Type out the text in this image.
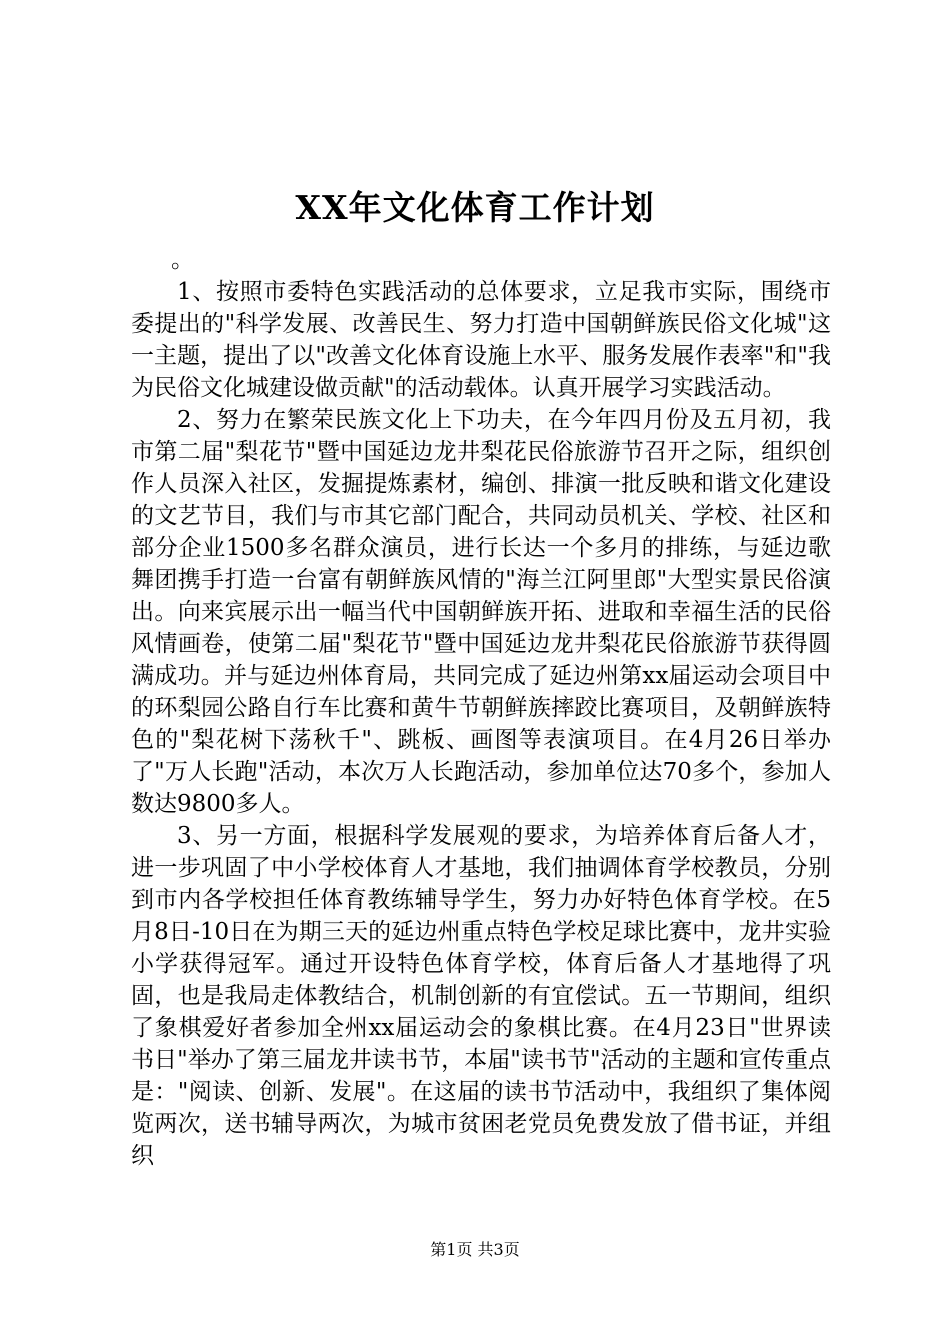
XX年文化体育工作计划

。

1、按照市委特色实践活动的总体要求，立足我市实际，围绕市委提出的"科学发展、改善民生、努力打造中国朝鲜族民俗文化城"这一主题，提出了以"改善文化体育设施上水平、服务发展作表率"和"我为民俗文化城建设做贡献"的活动载体。认真开展学习实践活动。

2、努力在繁荣民族文化上下功夫，在今年四月份及五月初，我市第二届"梨花节"暨中国延边龙井梨花民俗旅游节召开之际，组织创作人员深入社区，发掘提炼素材，编创、排演一批反映和谐文化建设的文艺节目，我们与市其它部门配合，共同动员机关、学校、社区和部分企业1500多名群众演员，进行长达一个多月的排练，与延边歌舞团携手打造一台富有朝鲜族风情的"海兰江阿里郎"大型实景民俗演出。向来宾展示出一幅当代中国朝鲜族开拓、进取和幸福生活的民俗风情画卷，使第二届"梨花节"暨中国延边龙井梨花民俗旅游节获得圆满成功。并与延边州体育局，共同完成了延边州第xx届运动会项目中的环梨园公路自行车比赛和黄牛节朝鲜族摔跤比赛项目，及朝鲜族特色的"梨花树下荡秋千"、跳板、画图等表演项目。在4月26日举办了"万人长跑"活动，本次万人长跑活动，参加单位达70多个，参加人数达9800多人。

3、另一方面，根据科学发展观的要求，为培养体育后备人才，进一步巩固了中小学校体育人才基地，我们抽调体育学校教员，分别到市内各学校担任体育教练辅导学生，努力办好特色体育学校。在5月8日-10日在为期三天的延边州重点特色学校足球比赛中，龙井实验小学获得冠军。通过开设特色体育学校，体育后备人才基地得了巩固，也是我局走体教结合，机制创新的有宜偿试。五一节期间，组织了象棋爱好者参加全州xx届运动会的象棋比赛。在4月23日"世界读书日"举办了第三届龙井读书节，本届"读书节"活动的主题和宣传重点是："阅读、创新、发展"。在这届的读书节活动中，我组织了集体阅览两次，送书辅导两次，为城市贫困老党员免费发放了借书证，并组织

第1页 共3页
